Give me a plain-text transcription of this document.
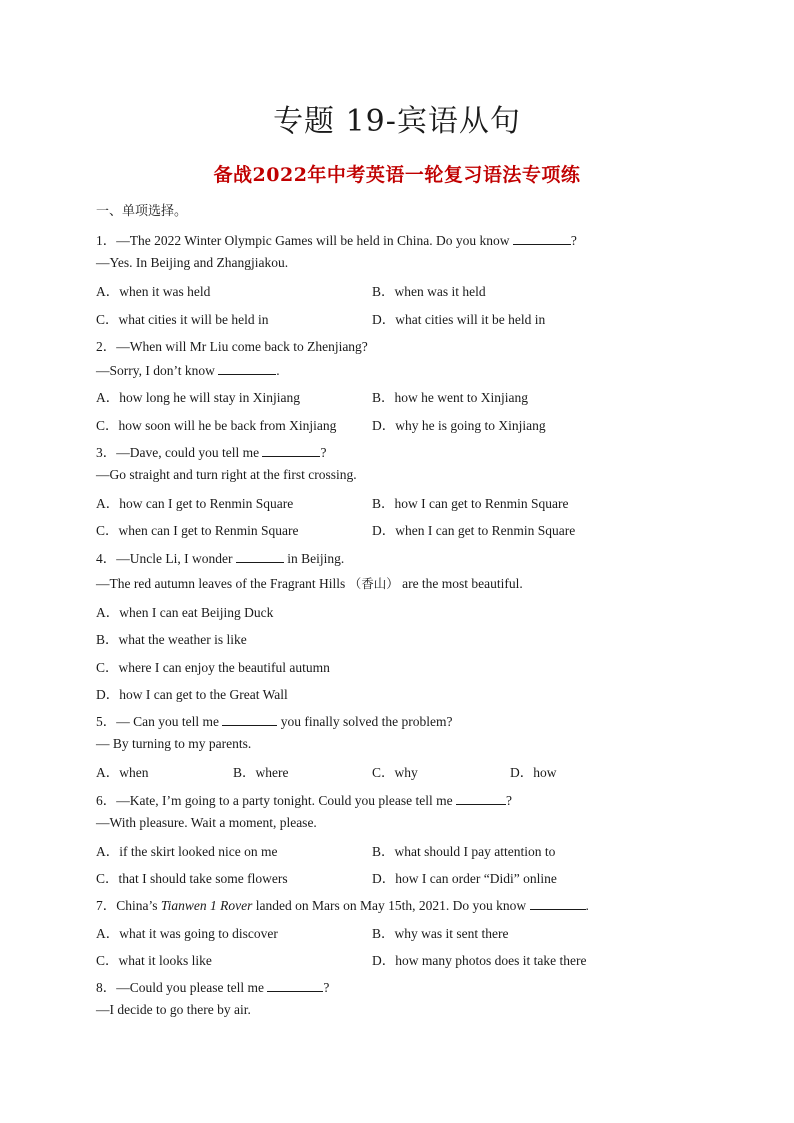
专题 19-宾语从句
备战2022年中考英语一轮复习语法专项练
一、单项选择。
1．—The 2022 Winter Olympic Games will be held in China. Do you know	?
—Yes. In Beijing and Zhangjiakou.
A．when it was held	B．when was it held
C．what cities it will be held in	D．what cities will it be held in
2．—When will Mr Liu come back to Zhenjiang?
—Sorry, I don’t know	.
A．how long he will stay in Xinjiang	B．how he went to Xinjiang
C．how soon will he be back from Xinjiang	D．why he is going to Xinjiang
3．—Dave, could you tell me	?
—Go straight and turn right at the first crossing.
A．how can I get to Renmin Square	B．how I can get to Renmin Square
C．when can I get to Renmin Square	D．when I can get to Renmin Square
4．—Uncle Li, I wonder	in Beijing.
—The red autumn leaves of the Fragrant Hills （香山） are the most beautiful.
A．when I can eat Beijing Duck
B．what the weather is like
C．where I can enjoy the beautiful autumn
D．how I can get to the Great Wall
5．— Can you tell me	you finally solved the problem?
— By turning to my parents.
A．when	B．where	C．why	D．how
6．—Kate, I’m going to a party tonight. Could you please tell me	?
—With pleasure. Wait a moment, please.
A．if the skirt looked nice on me	B．what should I pay attention to
C．that I should take some flowers	D．how I can order “Didi” online
7．China’s Tianwen 1 Rover landed on Mars on May 15th, 2021. Do you know	.
A．what it was going to discover	B．why was it sent there
C．what it looks like	D．how many photos does it take there
8．—Could you please tell me	?
—I decide to go there by air.
